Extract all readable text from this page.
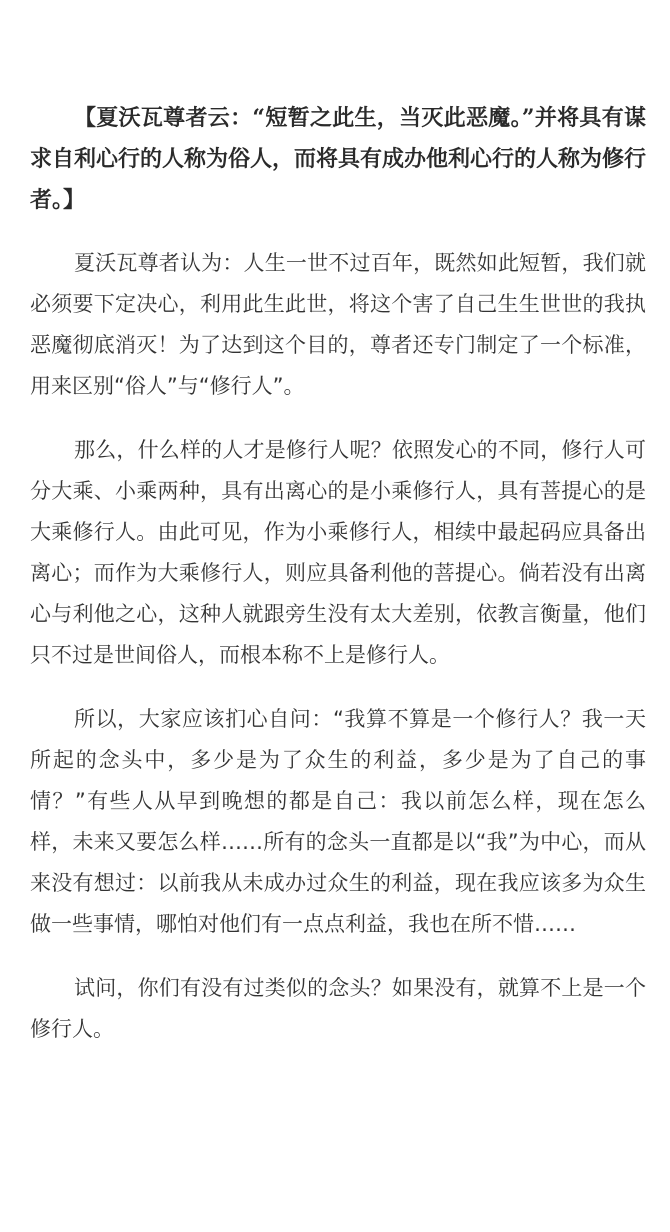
【夏沃瓦尊者云：“短暂之此生，当灭此恶魔。”并将具有谋求自利心行的人称为俗人，而将具有成办他利心行的人称为修行者。】

夏沃瓦尊者认为：人生一世不过百年，既然如此短暂，我们就必须要下定决心，利用此生此世，将这个害了自己生生世世的我执恶魔彻底消灭！为了达到这个目的，尊者还专门制定了一个标准，用来区别“俗人”与“修行人”。

那么，什么样的人才是修行人呢？依照发心的不同，修行人可分大乘、小乘两种，具有出离心的是小乘修行人，具有菩提心的是大乘修行人。由此可见，作为小乘修行人，相续中最起码应具备出离心；而作为大乘修行人，则应具备利他的菩提心。倘若没有出离心与利他之心，这种人就跟旁生没有太大差别，依教言衡量，他们只不过是世间俗人，而根本称不上是修行人。

所以，大家应该扪心自问：“我算不算是一个修行人？我一天所起的念头中，多少是为了众生的利益，多少是为了自己的事情？”有些人从早到晚想的都是自己：我以前怎么样，现在怎么样，未来又要怎么样……所有的念头一直都是以“我”为中心，而从来没有想过：以前我从未成办过众生的利益，现在我应该多为众生做一些事情，哪怕对他们有一点点利益，我也在所不惜……

试问，你们有没有过类似的念头？如果没有，就算不上是一个修行人。
